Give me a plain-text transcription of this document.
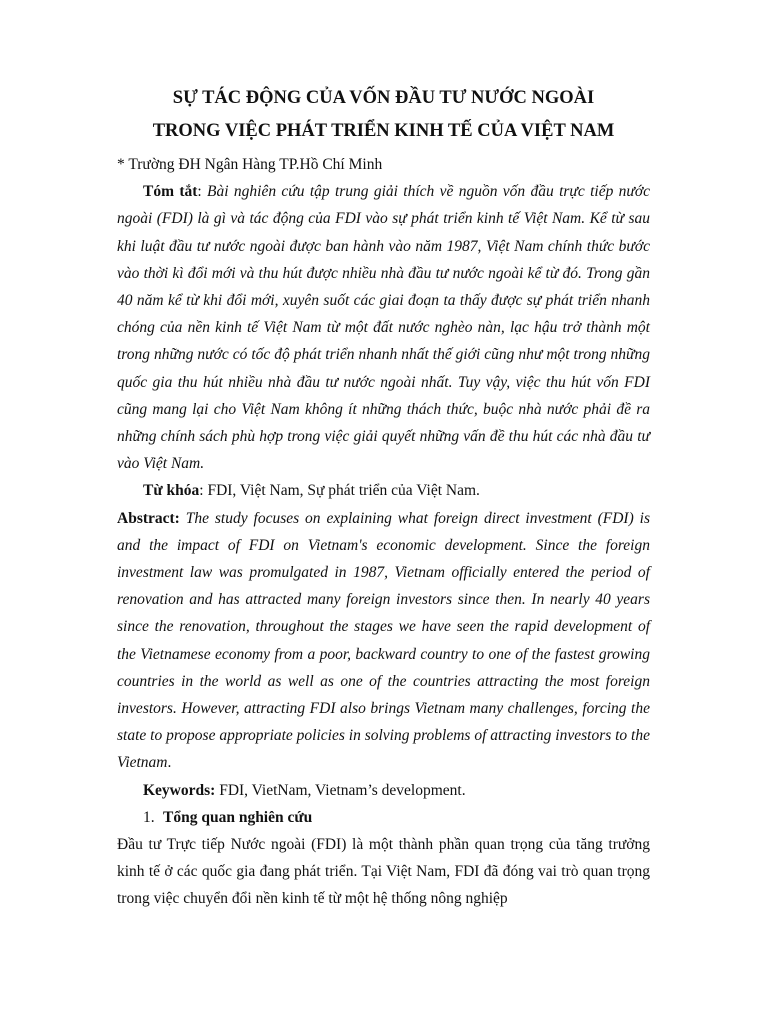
SỰ TÁC ĐỘNG CỦA VỐN ĐẦU TƯ NƯỚC NGOÀI
TRONG VIỆC PHÁT TRIỂN KINH TẾ CỦA VIỆT NAM

* Trường ĐH Ngân Hàng TP.Hồ Chí Minh

Tóm tắt: Bài nghiên cứu tập trung giải thích về nguồn vốn đầu trực tiếp nước ngoài (FDI) là gì và tác động của FDI vào sự phát triển kinh tế Việt Nam. Kể từ sau khi luật đầu tư nước ngoài được ban hành vào năm 1987, Việt Nam chính thức bước vào thời kì đổi mới và thu hút được nhiều nhà đầu tư nước ngoài kể từ đó. Trong gần 40 năm kể từ khi đổi mới, xuyên suốt các giai đoạn ta thấy được sự phát triển nhanh chóng của nền kinh tế Việt Nam từ một đất nước nghèo nàn, lạc hậu trở thành một trong những nước có tốc độ phát triển nhanh nhất thế giới cũng như một trong những quốc gia thu hút nhiều nhà đầu tư nước ngoài nhất. Tuy vậy, việc thu hút vốn FDI cũng mang lại cho Việt Nam không ít những thách thức, buộc nhà nước phải đề ra những chính sách phù hợp trong việc giải quyết những vấn đề thu hút các nhà đầu tư vào Việt Nam.

Từ khóa: FDI, Việt Nam, Sự phát triển của Việt Nam.

Abstract: The study focuses on explaining what foreign direct investment (FDI) is and the impact of FDI on Vietnam's economic development. Since the foreign investment law was promulgated in 1987, Vietnam officially entered the period of renovation and has attracted many foreign investors since then. In nearly 40 years since the renovation, throughout the stages we have seen the rapid development of the Vietnamese economy from a poor, backward country to one of the fastest growing countries in the world as well as one of the countries attracting the most foreign investors. However, attracting FDI also brings Vietnam many challenges, forcing the state to propose appropriate policies in solving problems of attracting investors to the Vietnam.

Keywords: FDI, VietNam, Vietnam’s development.

1. Tổng quan nghiên cứu

Đầu tư Trực tiếp Nước ngoài (FDI) là một thành phần quan trọng của tăng trưởng kinh tế ở các quốc gia đang phát triển. Tại Việt Nam, FDI đã đóng vai trò quan trọng trong việc chuyển đổi nền kinh tế từ một hệ thống nông nghiệp
